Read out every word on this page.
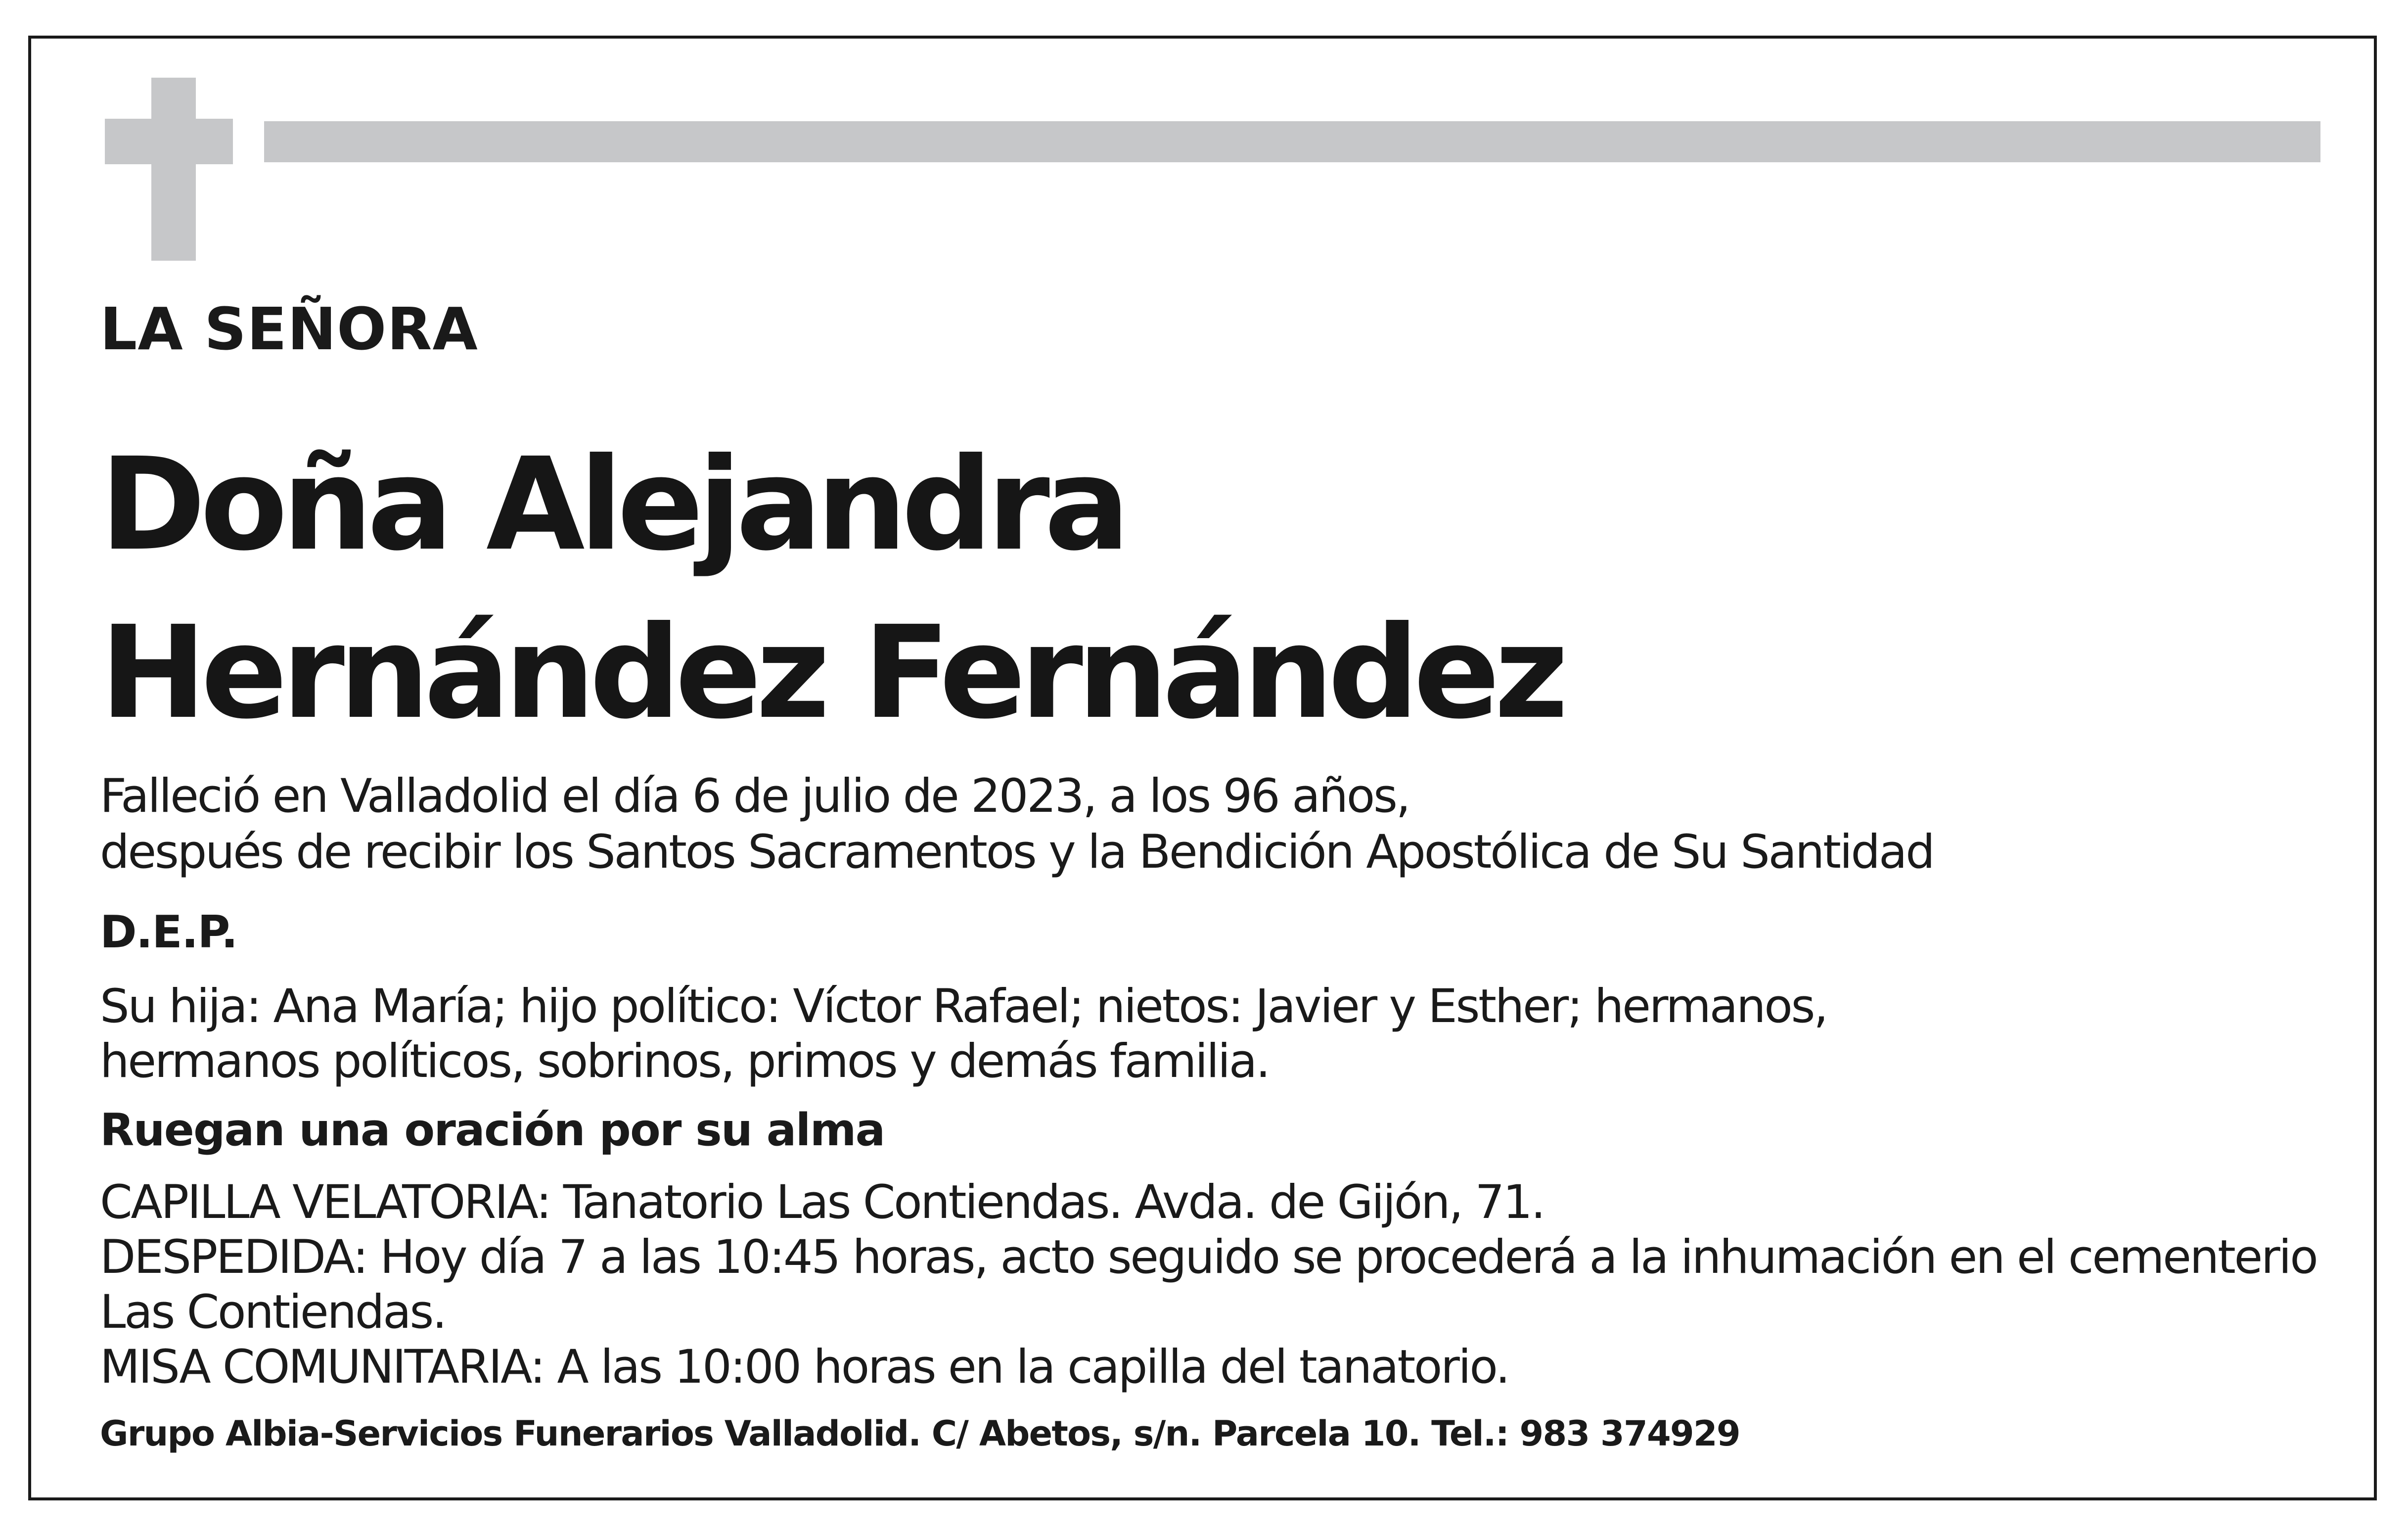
LA SEÑORA

Doña Alejandra
Hernández Fernández

Falleció en Valladolid el día 6 de julio de 2023, a los 96 años,

después de recibir los Santos Sacramentos y la Bendición Apostólica de Su Santidad

D.E.P.

Su hija: Ana María; hijo político: Víctor Rafael; nietos: Javier y Esther; hermanos,

hermanos políticos, sobrinos, primos y demás familia.

Ruegan una oración por su alma

CAPILLA VELATORIA: Tanatorio Las Contiendas. Avda. de Gijón, 71.

DESPEDIDA: Hoy día 7 a las 10:45 horas, acto seguido se procederá a la inhumación en el cementerio

Las Contiendas.

MISA COMUNITARIA: A las 10:00 horas en la capilla del tanatorio.

Grupo Albia-Servicios Funerarios Valladolid. C/ Abetos, s/n. Parcela 10. Tel.: 983 374929
